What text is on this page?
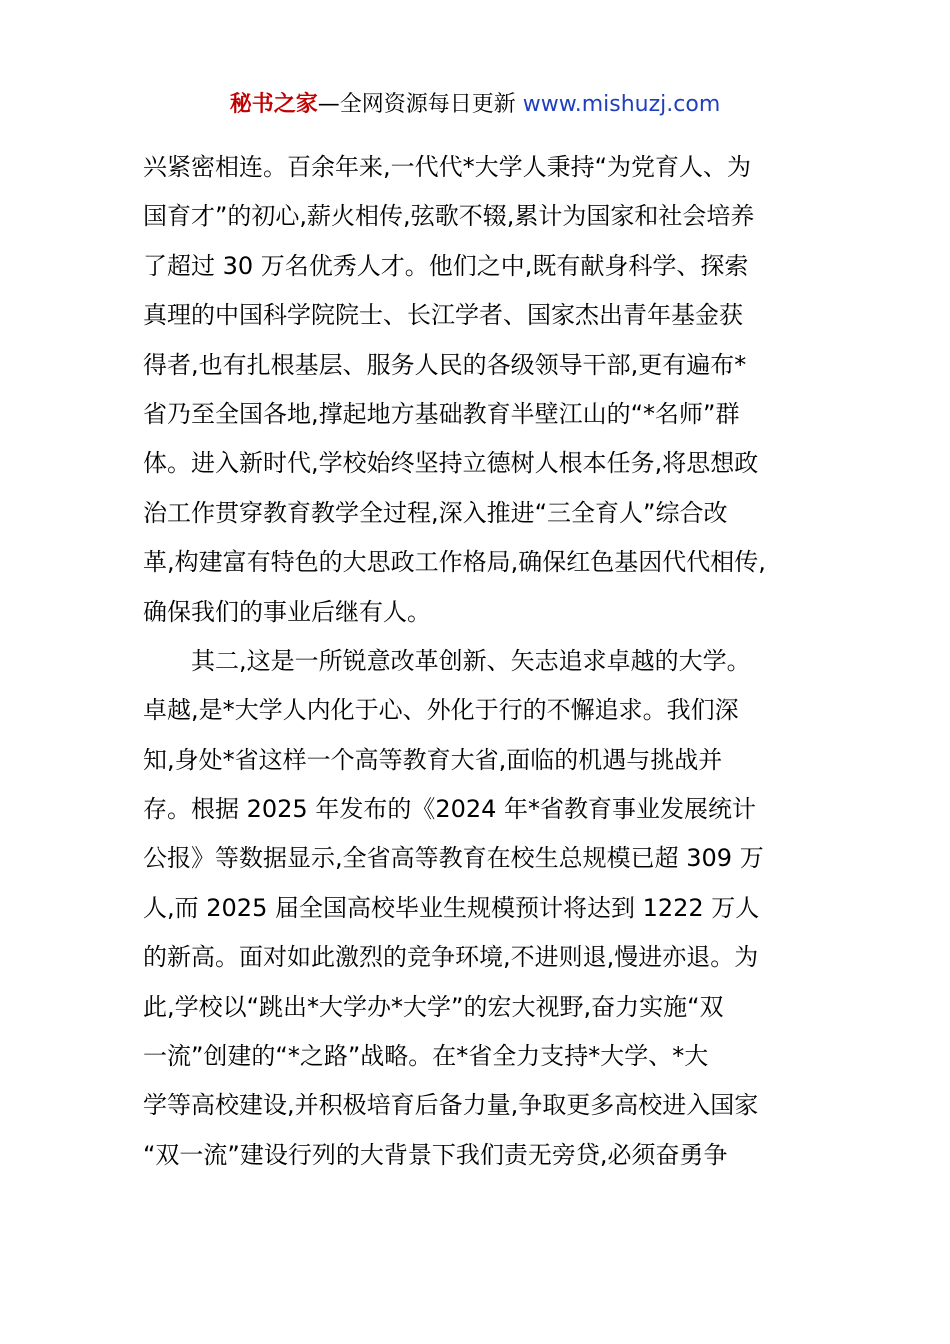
秘书之家—全网资源每日更新 www.mishuzj.com
兴紧密相连。百余年来,一代代*大学人秉持“为党育人、为
国育才”的初心,薪火相传,弦歌不辍,累计为国家和社会培养
了超过 30 万名优秀人才。他们之中,既有献身科学、探索
真理的中国科学院院士、长江学者、国家杰出青年基金获
得者,也有扎根基层、服务人民的各级领导干部,更有遍布*
省乃至全国各地,撑起地方基础教育半壁江山的“*名师”群
体。进入新时代,学校始终坚持立德树人根本任务,将思想政
治工作贯穿教育教学全过程,深入推进“三全育人”综合改
革,构建富有特色的大思政工作格局,确保红色基因代代相传,
确保我们的事业后继有人。
其二,这是一所锐意改革创新、矢志追求卓越的大学。
卓越,是*大学人内化于心、外化于行的不懈追求。我们深
知,身处*省这样一个高等教育大省,面临的机遇与挑战并
存。根据 2025 年发布的《2024 年*省教育事业发展统计
公报》等数据显示,全省高等教育在校生总规模已超 309 万
人,而 2025 届全国高校毕业生规模预计将达到 1222 万人
的新高。面对如此激烈的竞争环境,不进则退,慢进亦退。为
此,学校以“跳出*大学办*大学”的宏大视野,奋力实施“双
一流”创建的“*之路”战略。在*省全力支持*大学、*大
学等高校建设,并积极培育后备力量,争取更多高校进入国家
“双一流”建设行列的大背景下我们责无旁贷,必须奋勇争
